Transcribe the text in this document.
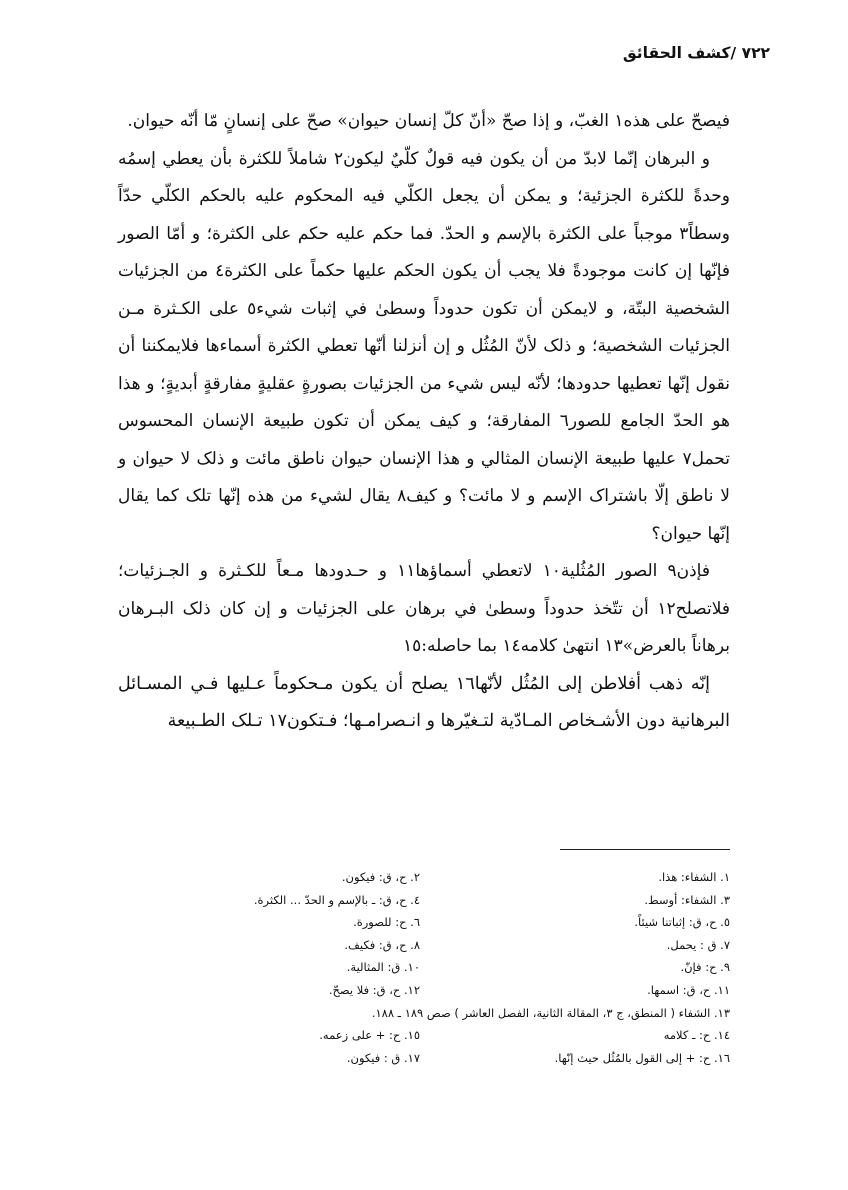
٧٢٢ /كشف الحقائق

فيصحّ على هذه١ الغبّ، و إذا صحّ «أنّ كلّ إنسان حيوان» صحّ على إنسانٍ مّا أنّه حيوان.

و البرهان إنّما لابدّ من أن يكون فيه قولٌ كلّيٌ ليكون٢ شاملاً للكثرة بأن يعطي إسمُه وحدةً للكثرة الجزئية؛ و يمكن أن يجعل الكلّي فيه المحكوم عليه بالحكم الكلّي حدّاً وسطاً٣ موجباً على الكثرة بالإسم و الحدّ. فما حكم عليه حكم على الكثرة؛ و أمّا الصور فإنّها إن كانت موجودةً فلا يجب أن يكون الحكم عليها حكماً على الكثرة٤ من الجزئيات الشخصية البتّة، و لايمكن أن تكون حدوداً وسطىٰ في إثبات شيء٥ على الكـثرة مـن الجزئيات الشخصية؛ و ذلک لأنّ المُثُل و إن أنزلنا أنّها تعطي الكثرة أسماءها فلايمكننا أن نقول إنّها تعطيها حدودها؛ لأنّه ليس شيء من الجزئيات بصورةٍ عقليةٍ مفارقةٍ أبديةٍ؛ و هذا هو الحدّ الجامع للصور٦ المفارقة؛ و كيف يمكن أن تكون طبيعة الإنسان المحسوس تحمل٧ عليها طبيعة الإنسان المثالي و هذا الإنسان حيوان ناطق مائت و ذلک لا حيوان و لا ناطق إلّا باشتراک الإسم و لا مائت؟ و كيف٨ يقال لشيء من هذه إنّها تلک كما يقال إنّها حيوان؟

فإذن٩ الصور المُثُلية١٠ لاتعطي أسماؤها١١ و حـدودها مـعاً للكـثرة و الجـزئيات؛ فلاتصلح١٢ أن تتّخذ حدوداً وسطىٰ في برهان على الجزئيات و إن كان ذلک البـرهان برهاناً بالعرض»١٣ انتهىٰ كلامه١٤ بما حاصله:١٥

إنّه ذهب أفلاطن إلى المُثُل لأنّها١٦ يصلح أن يكون مـحكوماً عـليها فـي المسـائل البرهانية دون الأشـخاص المـادّية لتـغيّرها و انـصرامـها؛ فـتكون١٧ تـلک الطـبيعة

١. الشفاء: هذا.
٢. ح، ق: فيكون.
٣. الشفاء: أوسط.
٤. ح، ق: ـ بالإسم و الحدّ ... الكثرة.
٥. ح، ق: إثباتنا شيئاً.
٦. ح: للصورة.
٧. ق : يحمل.
٨. ح، ق: فكيف.
٩. ح: فإنّ.
١٠. ق: المثالية.
١١. ح، ق: اسمها.
١٢. ح، ق: فلا يصحّ.
١٣. الشفاء ( المنطق، ج ٣، المقالة الثانية، الفصل العاشر ) صص ١٨٩ ـ ١٨٨.
١٤. ح: ـ كلامه
١٥. ح: + على زعمه.
١٦. ح: + إلى القول بالمُثُل حيث إنّها.
١٧. ق : فيكون.
